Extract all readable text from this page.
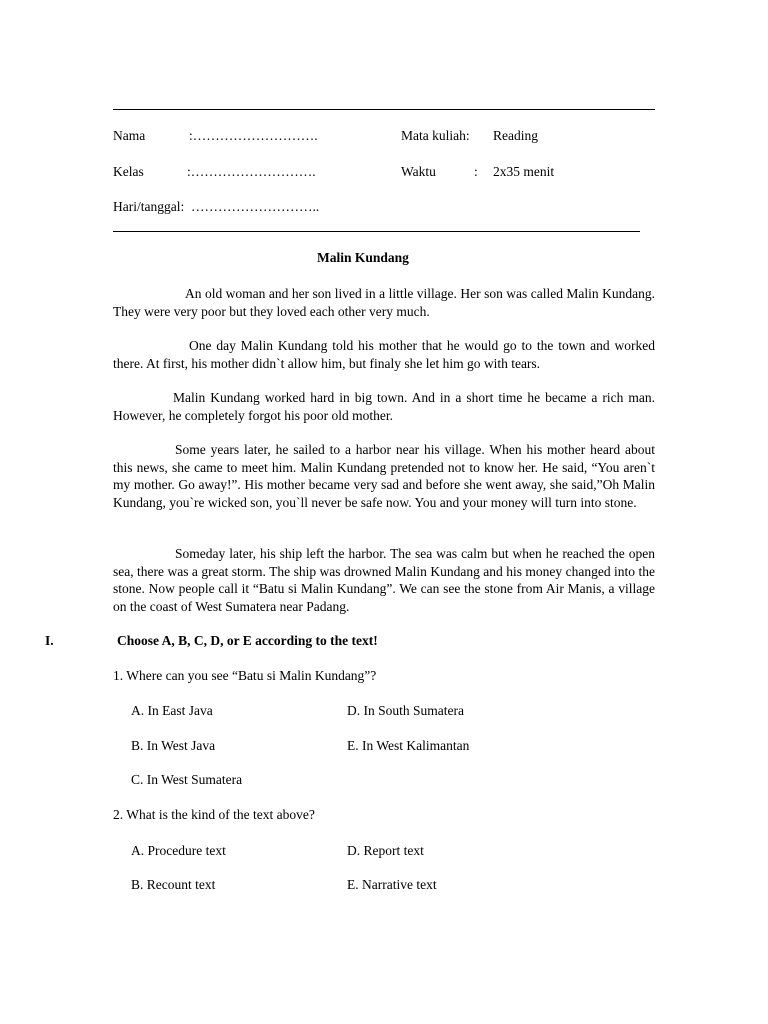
Nama	:……………………….	Mata kuliah: Reading
Kelas	:……………………….	Waktu	: 2x35 menit
Hari/tanggal: ………………………..
Malin Kundang
An old woman and her son lived in a little village. Her son was called Malin Kundang. They were very poor but they loved each other very much.
One day Malin Kundang told his mother that he would go to the town and worked there. At first, his mother didn`t allow him, but finaly she let him go with tears.
Malin Kundang worked hard in big town. And in a short time he became a rich man. However, he completely forgot his poor old mother.
Some years later, he sailed to a harbor near his village. When his mother heard about this news, she came to meet him. Malin Kundang pretended not to know her. He said, “You aren`t my mother. Go away!”. His mother became very sad and before she went away, she said,”Oh Malin Kundang, you`re wicked son, you`ll never be safe now. You and your money will turn into stone.
Someday later, his ship left the harbor. The sea was calm but when he reached the open sea, there was a great storm. The ship was drowned Malin Kundang and his money changed into the stone. Now people call it “Batu si Malin Kundang”. We can see the stone from Air Manis, a village on the coast of West Sumatera near Padang.
I.	Choose A, B, C, D, or E according to the text!
1. Where can you see “Batu si Malin Kundang”?
A. In East Java	D. In South Sumatera
B. In West Java	E. In West Kalimantan
C. In West Sumatera
2. What is the kind of the text above?
A. Procedure text	D. Report text
B. Recount text	E. Narrative text
